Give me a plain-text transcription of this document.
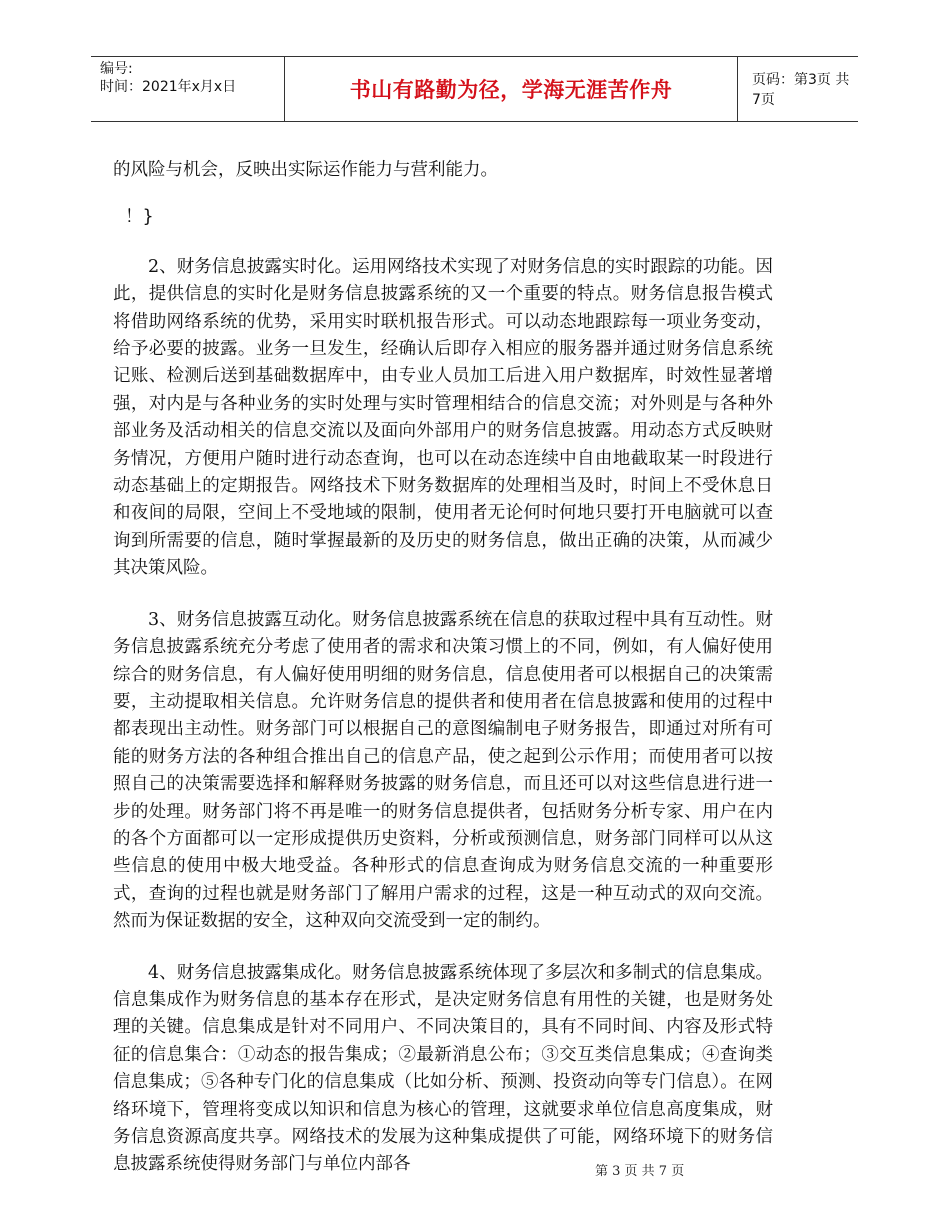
编号:
时间：2021年x月x日	书山有路勤为径，学海无涯苦作舟	页码：第3页 共7页

的风险与机会，反映出实际运作能力与营利能力。

！}

2、财务信息披露实时化。运用网络技术实现了对财务信息的实时跟踪的功能。因此，提供信息的实时化是财务信息披露系统的又一个重要的特点。财务信息报告模式将借助网络系统的优势，采用实时联机报告形式。可以动态地跟踪每一项业务变动，给予必要的披露。业务一旦发生，经确认后即存入相应的服务器并通过财务信息系统记账、检测后送到基础数据库中，由专业人员加工后进入用户数据库，时效性显著增强，对内是与各种业务的实时处理与实时管理相结合的信息交流；对外则是与各种外部业务及活动相关的信息交流以及面向外部用户的财务信息披露。用动态方式反映财务情况，方便用户随时进行动态查询，也可以在动态连续中自由地截取某一时段进行动态基础上的定期报告。网络技术下财务数据库的处理相当及时，时间上不受休息日和夜间的局限，空间上不受地域的限制，使用者无论何时何地只要打开电脑就可以查询到所需要的信息，随时掌握最新的及历史的财务信息，做出正确的决策，从而减少其决策风险。

3、财务信息披露互动化。财务信息披露系统在信息的获取过程中具有互动性。财务信息披露系统充分考虑了使用者的需求和决策习惯上的不同，例如，有人偏好使用综合的财务信息，有人偏好使用明细的财务信息，信息使用者可以根据自己的决策需要，主动提取相关信息。允许财务信息的提供者和使用者在信息披露和使用的过程中都表现出主动性。财务部门可以根据自己的意图编制电子财务报告，即通过对所有可能的财务方法的各种组合推出自己的信息产品，使之起到公示作用；而使用者可以按照自己的决策需要选择和解释财务披露的财务信息，而且还可以对这些信息进行进一步的处理。财务部门将不再是唯一的财务信息提供者，包括财务分析专家、用户在内的各个方面都可以一定形成提供历史资料，分析或预测信息，财务部门同样可以从这些信息的使用中极大地受益。各种形式的信息查询成为财务信息交流的一种重要形式，查询的过程也就是财务部门了解用户需求的过程，这是一种互动式的双向交流。然而为保证数据的安全，这种双向交流受到一定的制约。

4、财务信息披露集成化。财务信息披露系统体现了多层次和多制式的信息集成。信息集成作为财务信息的基本存在形式，是决定财务信息有用性的关键，也是财务处理的关键。信息集成是针对不同用户、不同决策目的，具有不同时间、内容及形式特征的信息集合：①动态的报告集成；②最新消息公布；③交互类信息集成；④查询类信息集成；⑤各种专门化的信息集成（比如分析、预测、投资动向等专门信息）。在网络环境下，管理将变成以知识和信息为核心的管理，这就要求单位信息高度集成，财务信息资源高度共享。网络技术的发展为这种集成提供了可能，网络环境下的财务信息披露系统使得财务部门与单位内部各	第 3 页 共 7 页
